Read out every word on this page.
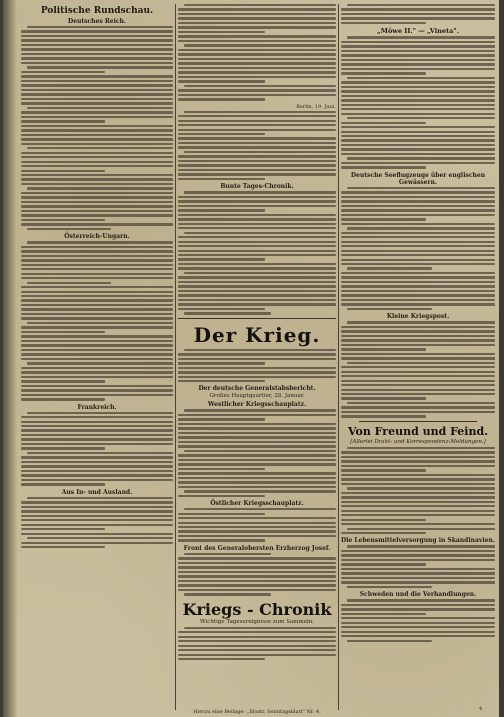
Politische Rundschau.
Deutsches Reich.
Österreich-Ungarn.
Frankreich.
Aus In- und Ausland.
Berlin, 19. Juni.
Bunte Tages-Chronik.
Der Krieg.
Der deutsche Generalstabsbericht.
Großes Hauptquartier, 28. Januar.
Westlicher Kriegsschauplatz.
Östlicher Kriegsschauplatz.
Front des Generalobersten Erzherzog Josef.
Kriegs - Chronik
Wichtige Tagesereignisse zum Sammeln.
Hierzu eine Beilage: „Illustr. Sonntagsblatt" Nr. 4.
„Möwe II." — „Vineta".
Deutsche Seeflugzeuge über englischen Gewässern.
Kleine Kriegspost.
Von Freund und Feind.
[Allerlei Draht- und Korrespondenz-Meldungen.]
Die Lebensmittelversorgung in Skandinavien.
Schweden und die Verhandlungen.
4
